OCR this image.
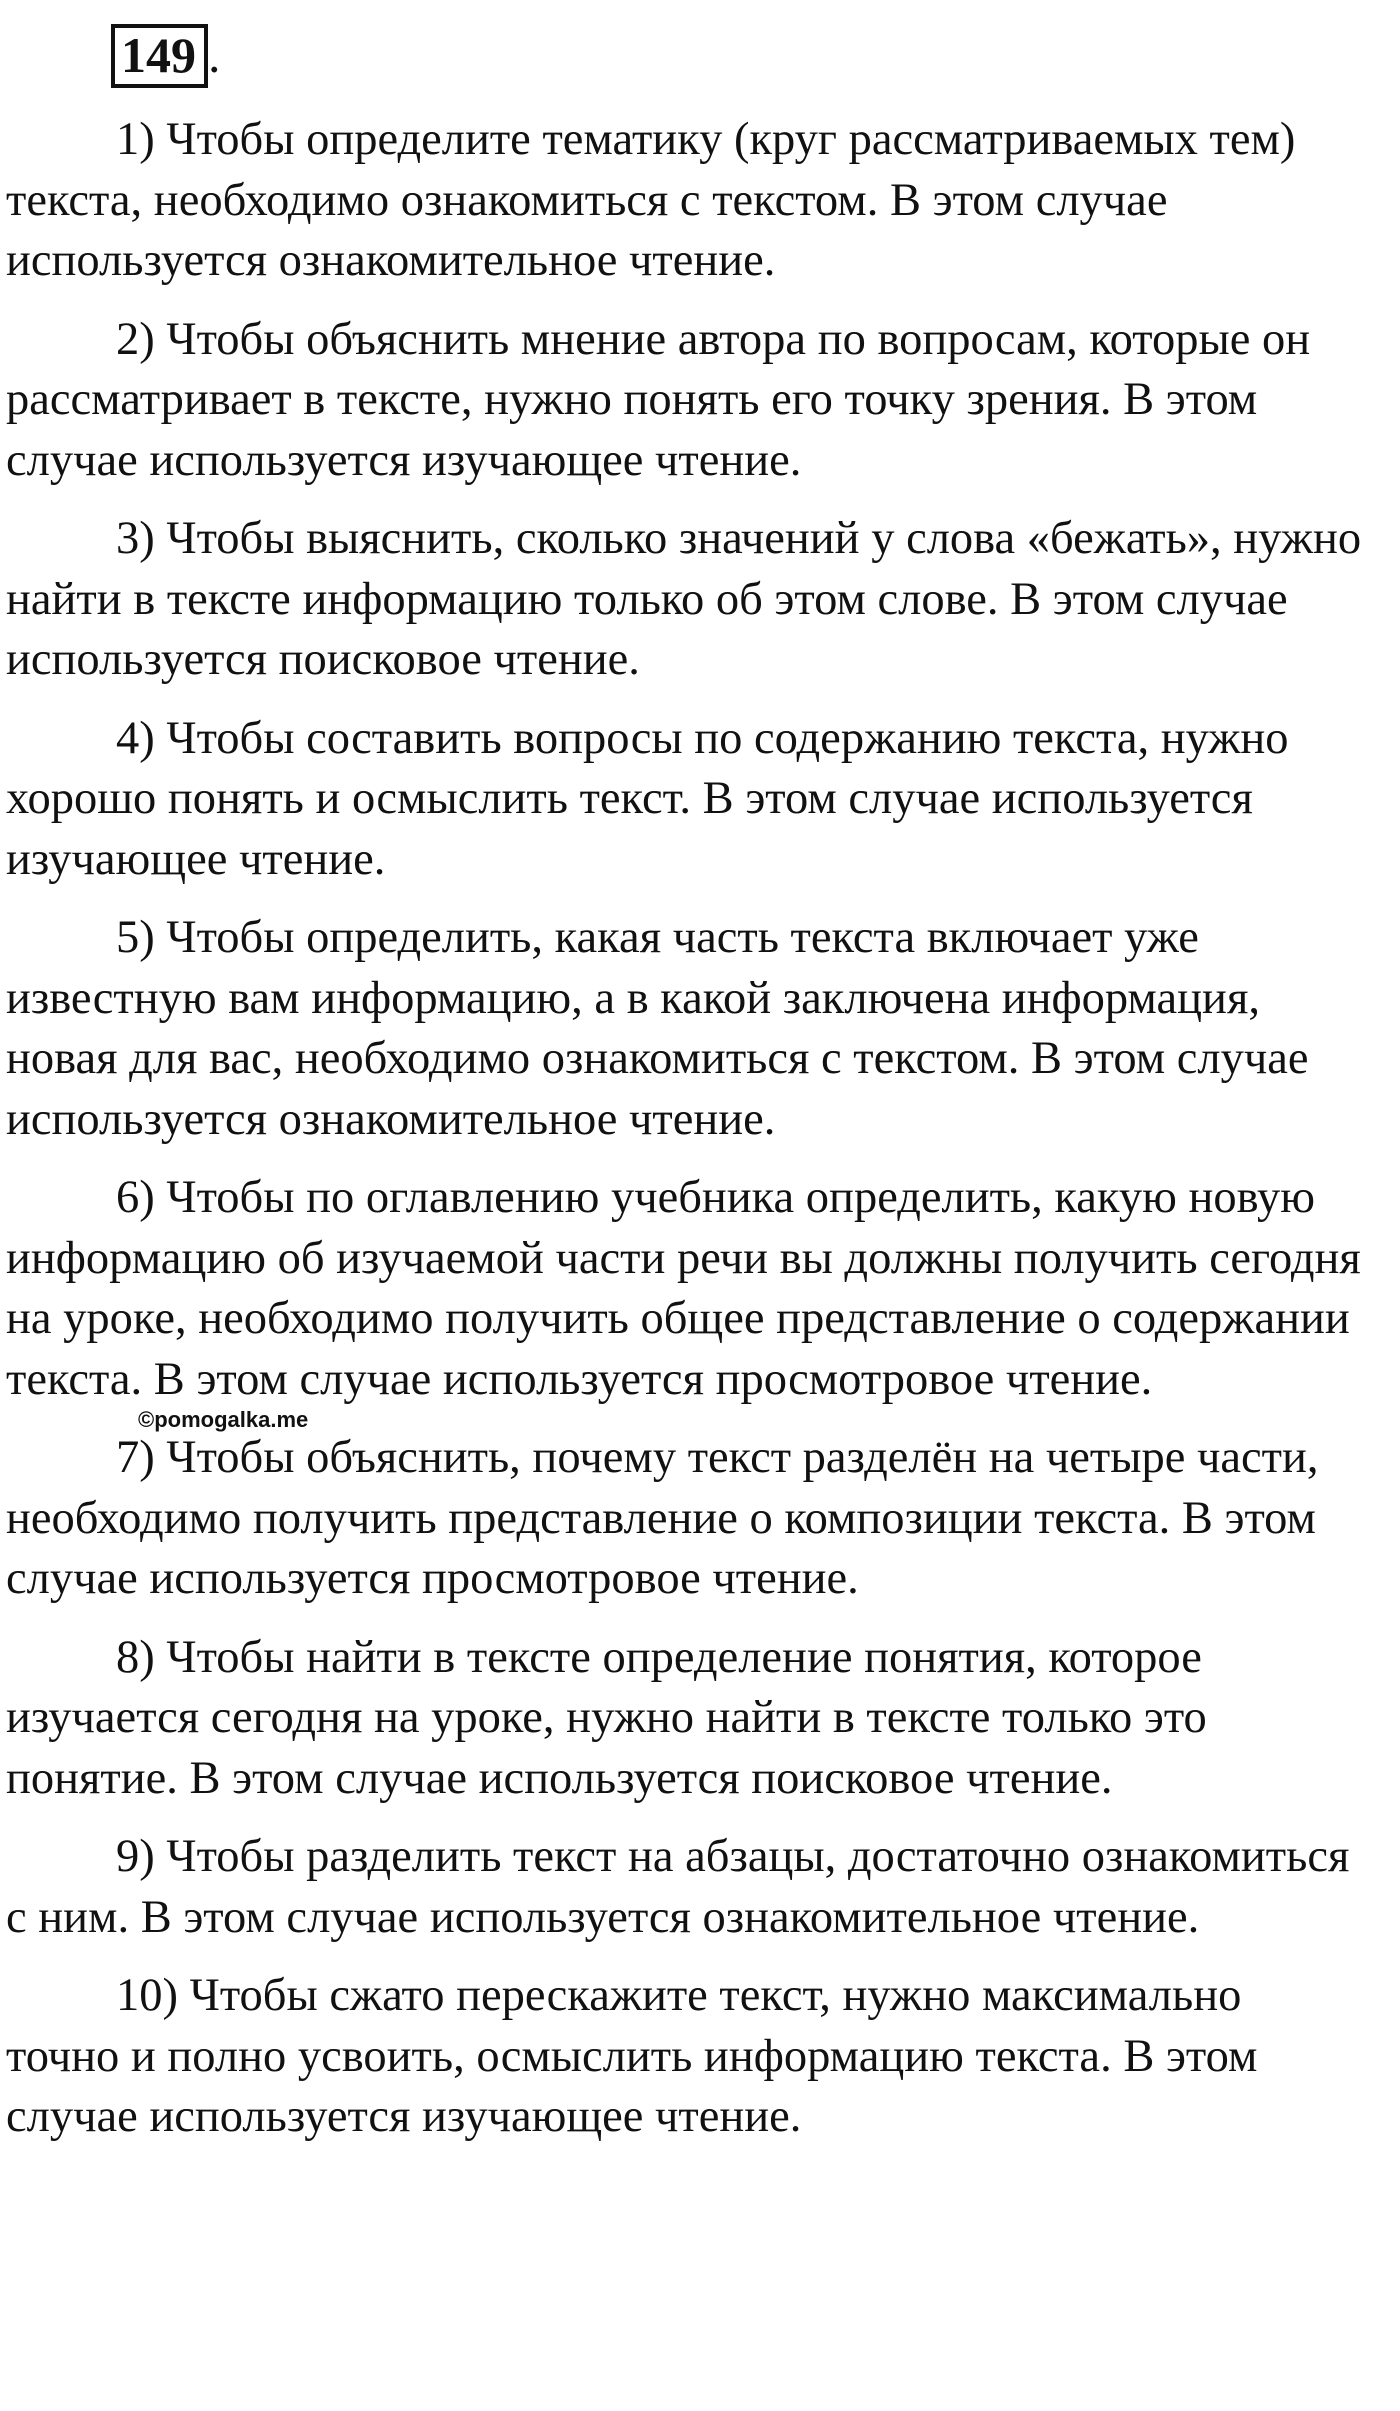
149 .

1) Чтобы определите тематику (круг рассматриваемых тем) текста, необходимо ознакомиться с текстом. В этом случае используется ознакомительное чтение.

2) Чтобы объяснить мнение автора по вопросам, которые он рассматривает в тексте, нужно понять его точку зрения. В этом случае используется изучающее чтение.

3) Чтобы выяснить, сколько значений у слова «бежать», нужно найти в тексте информацию только об этом слове. В этом случае используется поисковое чтение.

4) Чтобы составить вопросы по содержанию текста, нужно хорошо понять и осмыслить текст. В этом случае используется изучающее чтение.

5) Чтобы определить, какая часть текста включает уже известную вам информацию, а в какой заключена информация, новая для вас, необходимо ознакомиться с текстом. В этом случае используется ознакомительное чтение.

6) Чтобы по оглавлению учебника определить, какую новую информацию об изучаемой части речи вы должны получить сегодня на уроке, необходимо получить общее представление о содержании текста. В этом случае используется просмотровое чтение.

7) Чтобы объяснить, почему текст разделён на четыре части, необходимо получить представление о композиции текста. В этом случае используется просмотровое чтение.

8) Чтобы найти в тексте определение понятия, которое изучается сегодня на уроке, нужно найти в тексте только это понятие. В этом случае используется поисковое чтение.

9) Чтобы разделить текст на абзацы, достаточно ознакомиться с ним. В этом случае используется ознакомительное чтение.

10) Чтобы сжато перескажите текст, нужно максимально точно и полно усвоить, осмыслить информацию текста. В этом случае используется изучающее чтение.

©pomogalka.me
